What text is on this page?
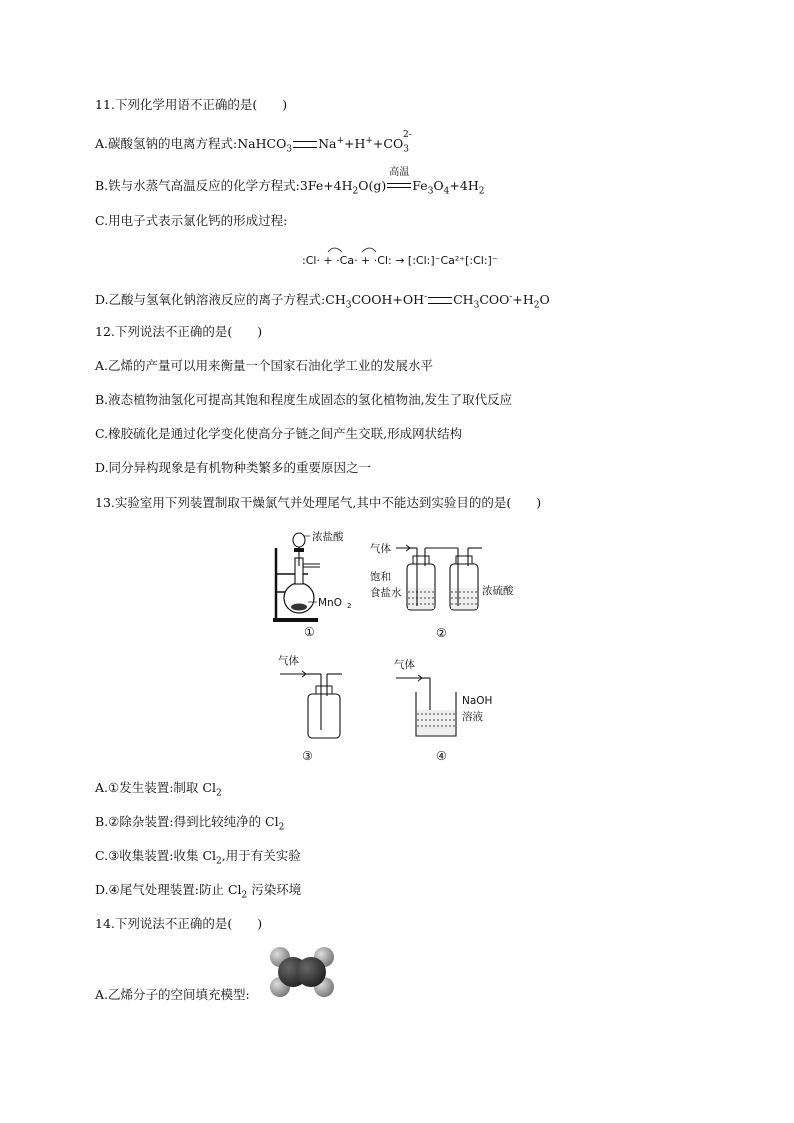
11.下列化学用语不正确的是(　　)
A.碳酸氢钠的电离方程式:NaHCO$_3$ $Na^++H^++CO_3^{2-}$
B.铁与水蒸气高温反应的化学方程式$:3Fe+4H_2O(g)$
高温
$Fe_3O_4+4H_2$
C.用电子式表示氯化钙的形成过程:
:Cl· + ·Ca· + ·Cl: → [:Cl:]⁻Ca²⁺[:Cl:]⁻
D.乙酸与氢氧化钠溶液反应的离子方程式$:CH_3COOH+OH^-$ $CH_3COO^-+H_2O$
12.下列说法不正确的是(　　)
A.乙烯的产量可以用来衡量一个国家石油化学工业的发展水平
B.液态植物油氢化可提高其饱和程度生成固态的氢化植物油,发生了取代反应
C.橡胶硫化是通过化学变化使高分子链之间产生交联,形成网状结构
D.同分异构现象是有机物种类繁多的重要原因之一
13.实验室用下列装置制取干燥氯气并处理尾气,其中不能达到实验目的的是(　　)
浓盐酸
MnO 2
①
气体
饱和
食盐水	浓硫酸
②
气体
③
气体
NaOH
溶液
④
A.①发生装置:制取 $Cl_2$
B.②除杂装置:得到比较纯净的 $Cl_2$
C.③收集装置:收集 $Cl_2$,用于有关实验
D.④尾气处理装置:防止 $Cl_2$ 污染环境
14.下列说法不正确的是(　　)
A.乙烯分子的空间填充模型:
